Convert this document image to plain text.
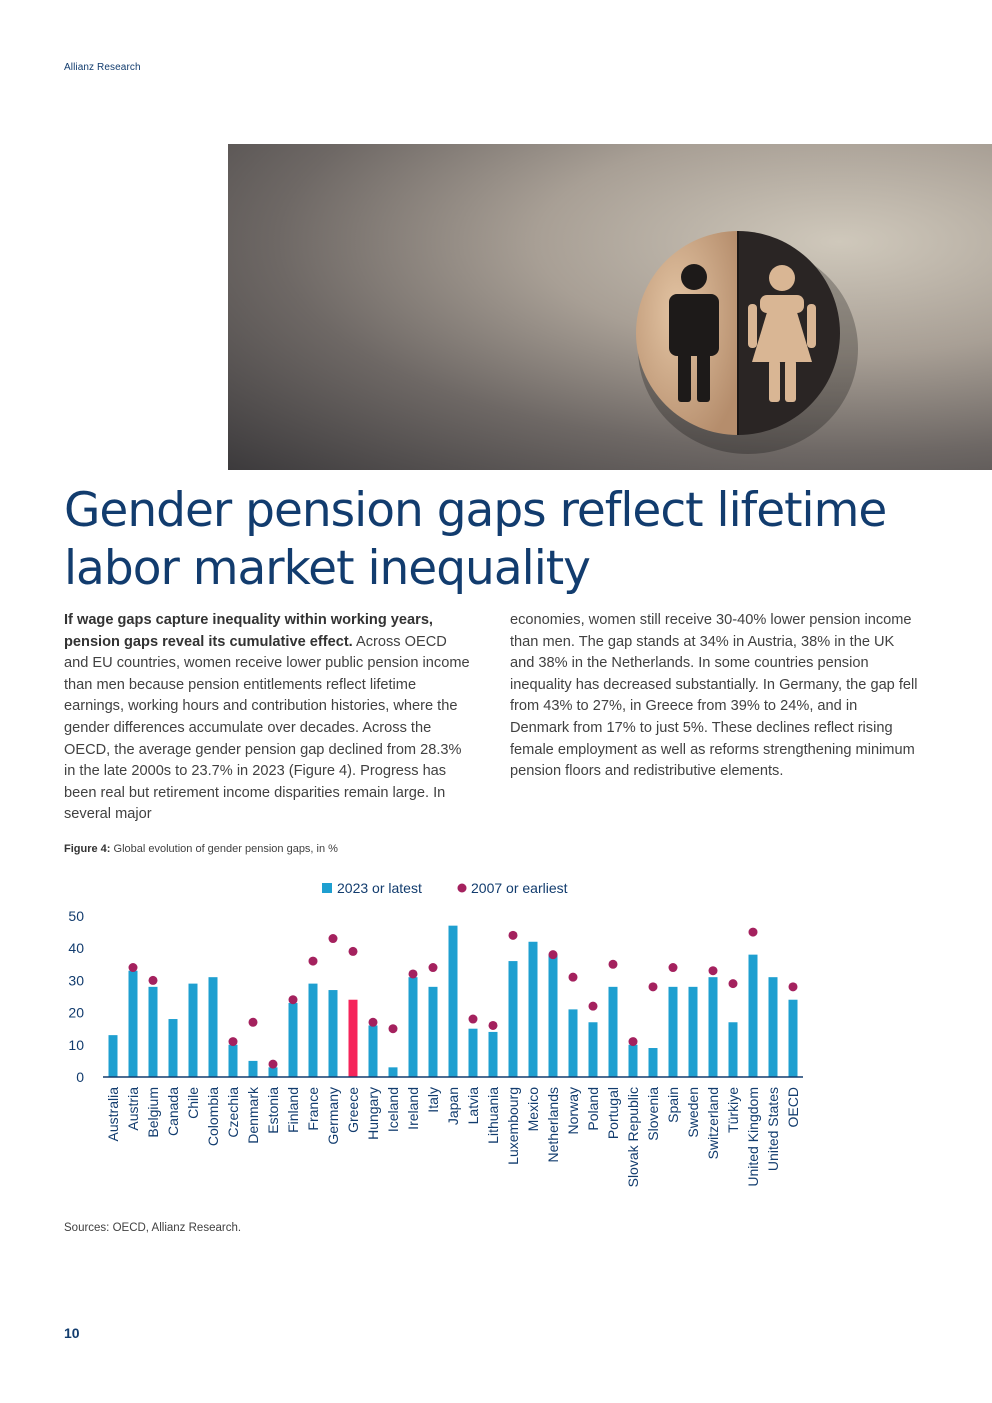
Allianz Research
Gender pension gaps reflect lifetime
labor market inequality

If wage gaps capture inequality within working years, pension gaps reveal its cumulative effect. Across OECD and EU countries, women receive lower public pension income than men because pension entitlements reflect lifetime earnings, working hours and contribution histories, where the gender differences accumulate over decades. Across the OECD, the average gender pension gap declined from 28.3% in the late 2000s to 23.7% in 2023 (Figure 4). Progress has been real but retirement income disparities remain large. In several major

economies, women still receive 30-40% lower pension income than men. The gap stands at 34% in Austria, 38% in the UK and 38% in the Netherlands. In some countries pension inequality has decreased substantially. In Germany, the gap fell from 43% to 27%, in Greece from 39% to 24%, and in Denmark from 17% to just 5%. These declines reflect rising female employment as well as reforms strengthening minimum pension floors and redistributive elements.

Figure 4: Global evolution of gender pension gaps, in %
2023 or latest	2007 or earliest
0
10
20
30
40
50
Australia Austria Belgium Canada Chile Colombia Czechia Denmark Estonia Finland France Germany Greece Hungary Iceland Ireland Italy Japan Latvia Lithuania Luxembourg Mexico Netherlands Norway Poland Portugal Slovak Republic Slovenia Spain Sweden Switzerland Türkiye United Kingdom United States OECD
Sources: OECD, Allianz Research.
10
